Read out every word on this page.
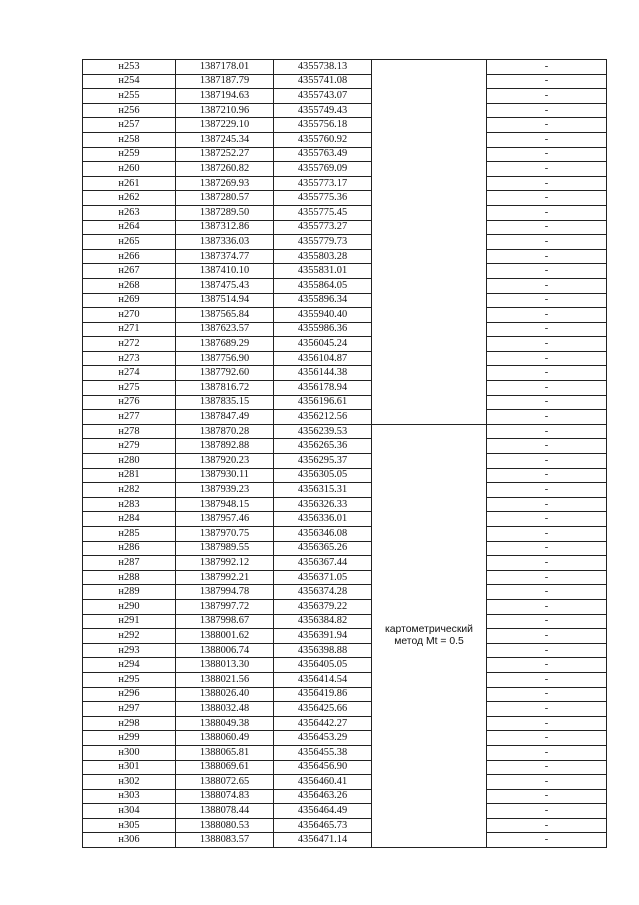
н253	1387178.01	4355738.13		-
н254	1387187.79	4355741.08		-
н255	1387194.63	4355743.07		-
н256	1387210.96	4355749.43		-
н257	1387229.10	4355756.18		-
н258	1387245.34	4355760.92		-
н259	1387252.27	4355763.49		-
н260	1387260.82	4355769.09		-
н261	1387269.93	4355773.17		-
н262	1387280.57	4355775.36		-
н263	1387289.50	4355775.45		-
н264	1387312.86	4355773.27		-
н265	1387336.03	4355779.73		-
н266	1387374.77	4355803.28		-
н267	1387410.10	4355831.01		-
н268	1387475.43	4355864.05		-
н269	1387514.94	4355896.34		-
н270	1387565.84	4355940.40		-
н271	1387623.57	4355986.36		-
н272	1387689.29	4356045.24		-
н273	1387756.90	4356104.87		-
н274	1387792.60	4356144.38		-
н275	1387816.72	4356178.94		-
н276	1387835.15	4356196.61		-
н277	1387847.49	4356212.56		-
н278	1387870.28	4356239.53	картометрический
метод Mt = 0.5	-
н279	1387892.88	4356265.36		-
н280	1387920.23	4356295.37		-
н281	1387930.11	4356305.05		-
н282	1387939.23	4356315.31		-
н283	1387948.15	4356326.33		-
н284	1387957.46	4356336.01		-
н285	1387970.75	4356346.08		-
н286	1387989.55	4356365.26		-
н287	1387992.12	4356367.44		-
н288	1387992.21	4356371.05		-
н289	1387994.78	4356374.28		-
н290	1387997.72	4356379.22		-
н291	1387998.67	4356384.82		-
н292	1388001.62	4356391.94		-
н293	1388006.74	4356398.88		-
н294	1388013.30	4356405.05		-
н295	1388021.56	4356414.54		-
н296	1388026.40	4356419.86		-
н297	1388032.48	4356425.66		-
н298	1388049.38	4356442.27		-
н299	1388060.49	4356453.29		-
н300	1388065.81	4356455.38		-
н301	1388069.61	4356456.90		-
н302	1388072.65	4356460.41		-
н303	1388074.83	4356463.26		-
н304	1388078.44	4356464.49		-
н305	1388080.53	4356465.73		-
н306	1388083.57	4356471.14		-
